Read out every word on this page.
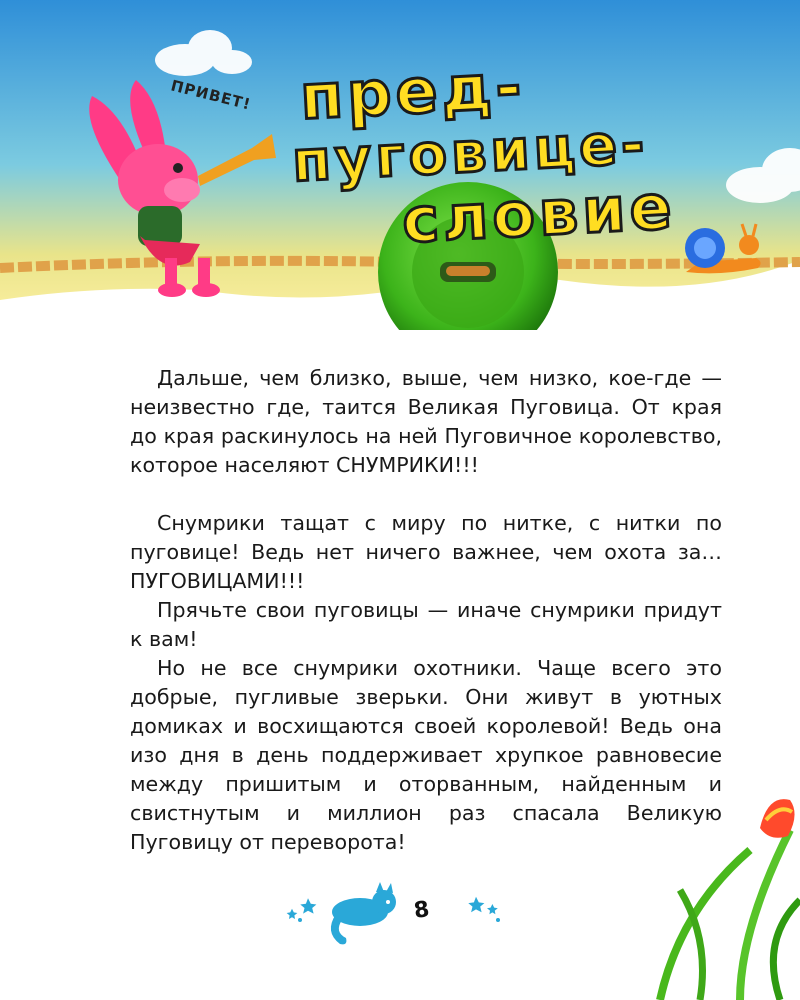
ПРИВЕТ! пред-
пуговице-
словие

Дальше, чем близко, выше, чем низко, кое-где — неизвестно где, таится Великая Пуговица. От края до края раскинулось на ней Пуговичное королевство, которое населяют СНУМРИКИ!!!

Снумрики тащат с миру по нитке, с нитки по пуговице! Ведь нет ничего важнее, чем охота за… ПУГОВИЦАМИ!!!

Прячьте свои пуговицы — иначе снумрики придут к вам!

Но не все снумрики охотники. Чаще всего это добрые, пугливые зверьки. Они живут в уютных домиках и восхищаются своей королевой! Ведь она изо дня в день поддерживает хрупкое равновесие между пришитым и оторванным, найденным и свистнутым и миллион раз спасала Великую Пуговицу от переворота!

8
